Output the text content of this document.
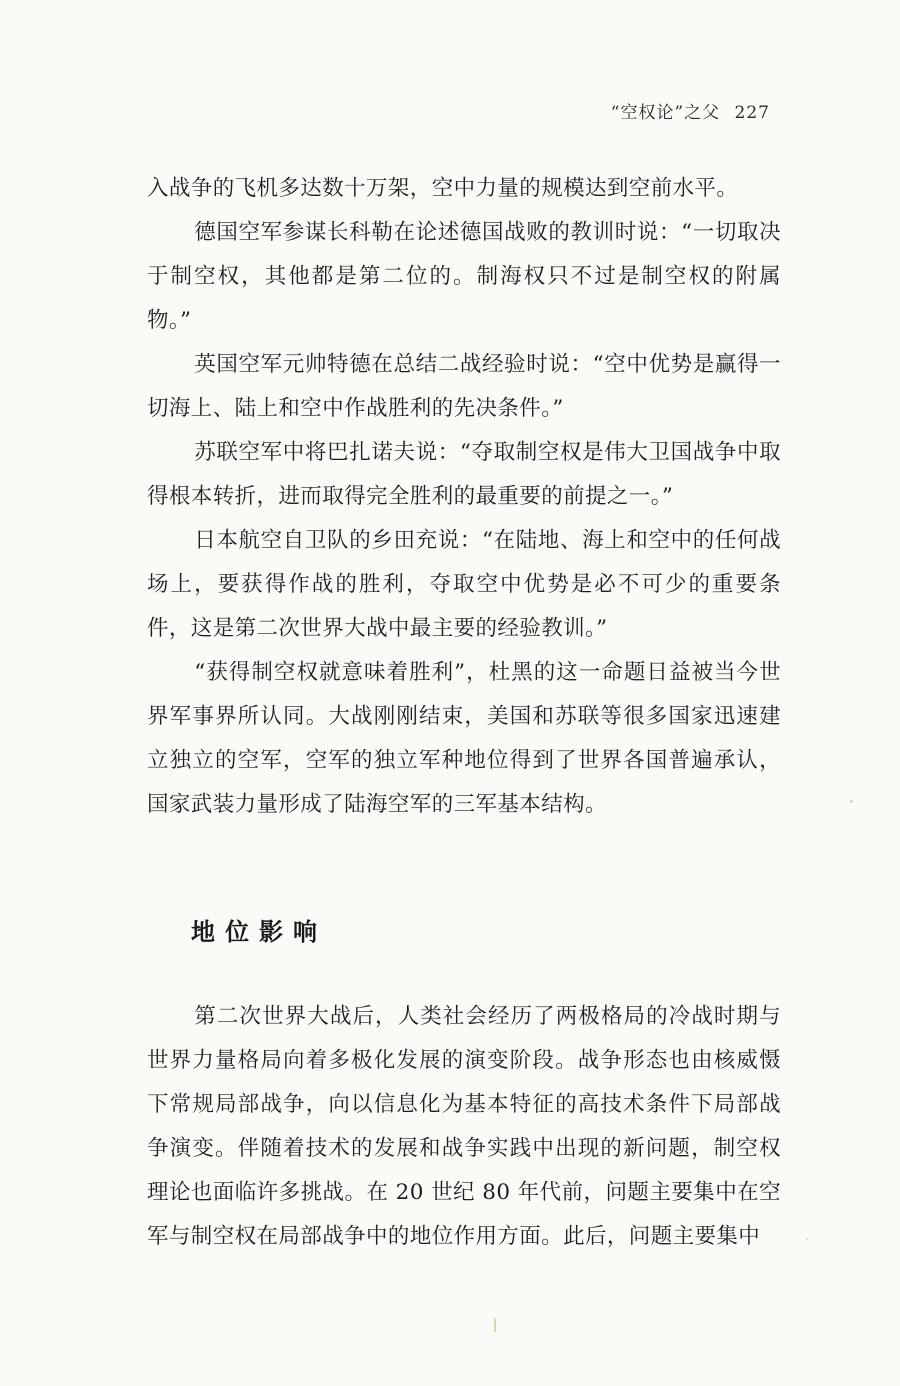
“空权论”之父 227

入战争的飞机多达数十万架，空中力量的规模达到空前水平。

德国空军参谋长科勒在论述德国战败的教训时说：“一切取决于制空权，其他都是第二位的。制海权只不过是制空权的附属物。”

英国空军元帅特德在总结二战经验时说：“空中优势是赢得一切海上、陆上和空中作战胜利的先决条件。”

苏联空军中将巴扎诺夫说：“夺取制空权是伟大卫国战争中取得根本转折，进而取得完全胜利的最重要的前提之一。”

日本航空自卫队的乡田充说：“在陆地、海上和空中的任何战场上，要获得作战的胜利，夺取空中优势是必不可少的重要条件，这是第二次世界大战中最主要的经验教训。”

“获得制空权就意味着胜利”，杜黑的这一命题日益被当今世界军事界所认同。大战刚刚结束，美国和苏联等很多国家迅速建立独立的空军，空军的独立军种地位得到了世界各国普遍承认，国家武装力量形成了陆海空军的三军基本结构。

地位影响

第二次世界大战后，人类社会经历了两极格局的冷战时期与世界力量格局向着多极化发展的演变阶段。战争形态也由核威慑下常规局部战争，向以信息化为基本特征的高技术条件下局部战争演变。伴随着技术的发展和战争实践中出现的新问题，制空权理论也面临许多挑战。在 20 世纪 80 年代前，问题主要集中在空军与制空权在局部战争中的地位作用方面。此后，问题主要集中
